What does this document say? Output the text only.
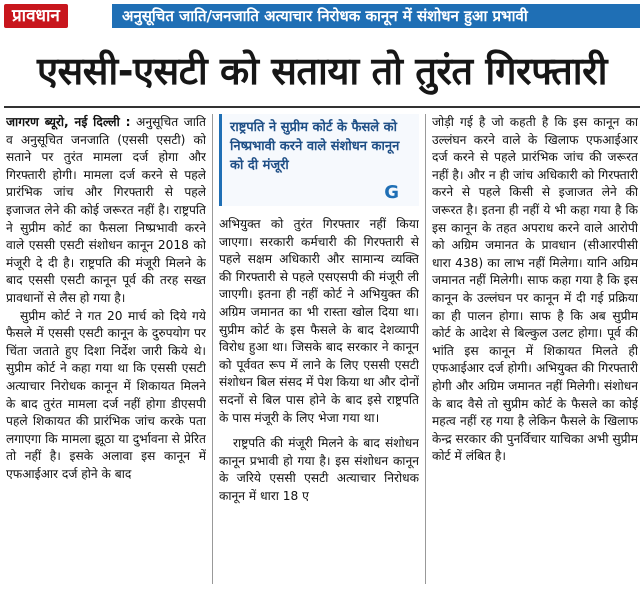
प्रावधान	अनुसूचित जाति/जनजाति अत्याचार निरोधक कानून में संशोधन हुआ प्रभावी
एससी-एसटी को सताया तो तुरंत गिरफ्तारी

जागरण ब्यूरो, नई दिल्ली : अनुसूचित जाति व अनुसूचित जनजाति (एससी एसटी) को सताने पर तुरंत मामला दर्ज होगा और गिरफ्तारी होगी। मामला दर्ज करने से पहले प्रारंभिक जांच और गिरफ्तारी से पहले इजाजत लेने की कोई जरूरत नहीं है। राष्ट्रपति ने सुप्रीम कोर्ट का फैसला निष्प्रभावी करने वाले एससी एसटी संशोधन कानून 2018 को मंजूरी दे दी है। राष्ट्रपति की मंजूरी मिलने के बाद एससी एसटी कानून पूर्व की तरह सख्त प्रावधानों से लैस हो गया है।

सुप्रीम कोर्ट ने गत 20 मार्च को दिये गये फैसले में एससी एसटी कानून के दुरुपयोग पर चिंता जताते हुए दिशा निर्देश जारी किये थे। सुप्रीम कोर्ट ने कहा गया था कि एससी एसटी अत्याचार निरोधक कानून में शिकायत मिलने के बाद तुरंत मामला दर्ज नहीं होगा डीएसपी पहले शिकायत की प्रारंभिक जांच करके पता लगाएगा कि मामला झूठा या दुर्भावना से प्रेरित तो नहीं है। इसके अलावा इस कानून में एफआईआर दर्ज होने के बाद

राष्ट्रपति ने सुप्रीम कोर्ट के फैसले को निष्प्रभावी करने वाले संशोधन कानून को दी मंजूरी
G

अभियुक्त को तुरंत गिरफ्तार नहीं किया जाएगा। सरकारी कर्मचारी की गिरफ्तारी से पहले सक्षम अधिकारी और सामान्य व्यक्ति की गिरफ्तारी से पहले एसएसपी की मंजूरी ली जाएगी। इतना ही नहीं कोर्ट ने अभियुक्त की अग्रिम जमानत का भी रास्ता खोल दिया था। सुप्रीम कोर्ट के इस फैसले के बाद देशव्यापी विरोध हुआ था। जिसके बाद सरकार ने कानून को पूर्ववत रूप में लाने के लिए एससी एसटी संशोधन बिल संसद में पेश किया था और दोनों सदनों से बिल पास होने के बाद इसे राष्ट्रपति के पास मंजूरी के लिए भेजा गया था।

राष्ट्रपति की मंजूरी मिलने के बाद संशोधन कानून प्रभावी हो गया है। इस संशोधन कानून के जरिये एससी एसटी अत्याचार निरोधक कानून में धारा 18 ए

जोड़ी गई है जो कहती है कि इस कानून का उल्लंघन करने वाले के खिलाफ एफआईआर दर्ज करने से पहले प्रारंभिक जांच की जरूरत नहीं है। और न ही जांच अधिकारी को गिरफ्तारी करने से पहले किसी से इजाजत लेने की जरूरत है। इतना ही नहीं ये भी कहा गया है कि इस कानून के तहत अपराध करने वाले आरोपी को अग्रिम जमानत के प्रावधान (सीआरपीसी धारा 438) का लाभ नहीं मिलेगा। यानि अग्रिम जमानत नहीं मिलेगी। साफ कहा गया है कि इस कानून के उल्लंघन पर कानून में दी गई प्रक्रिया का ही पालन होगा। साफ है कि अब सुप्रीम कोर्ट के आदेश से बिल्कुल उलट होगा। पूर्व की भांति इस कानून में शिकायत मिलते ही एफआईआर दर्ज होगी। अभियुक्त की गिरफ्तारी होगी और अग्रिम जमानत नहीं मिलेगी। संशोधन के बाद वैसे तो सुप्रीम कोर्ट के फैसले का कोई महत्व नहीं रह गया है लेकिन फैसले के खिलाफ केन्द्र सरकार की पुनर्विचार याचिका अभी सुप्रीम कोर्ट में लंबित है।
